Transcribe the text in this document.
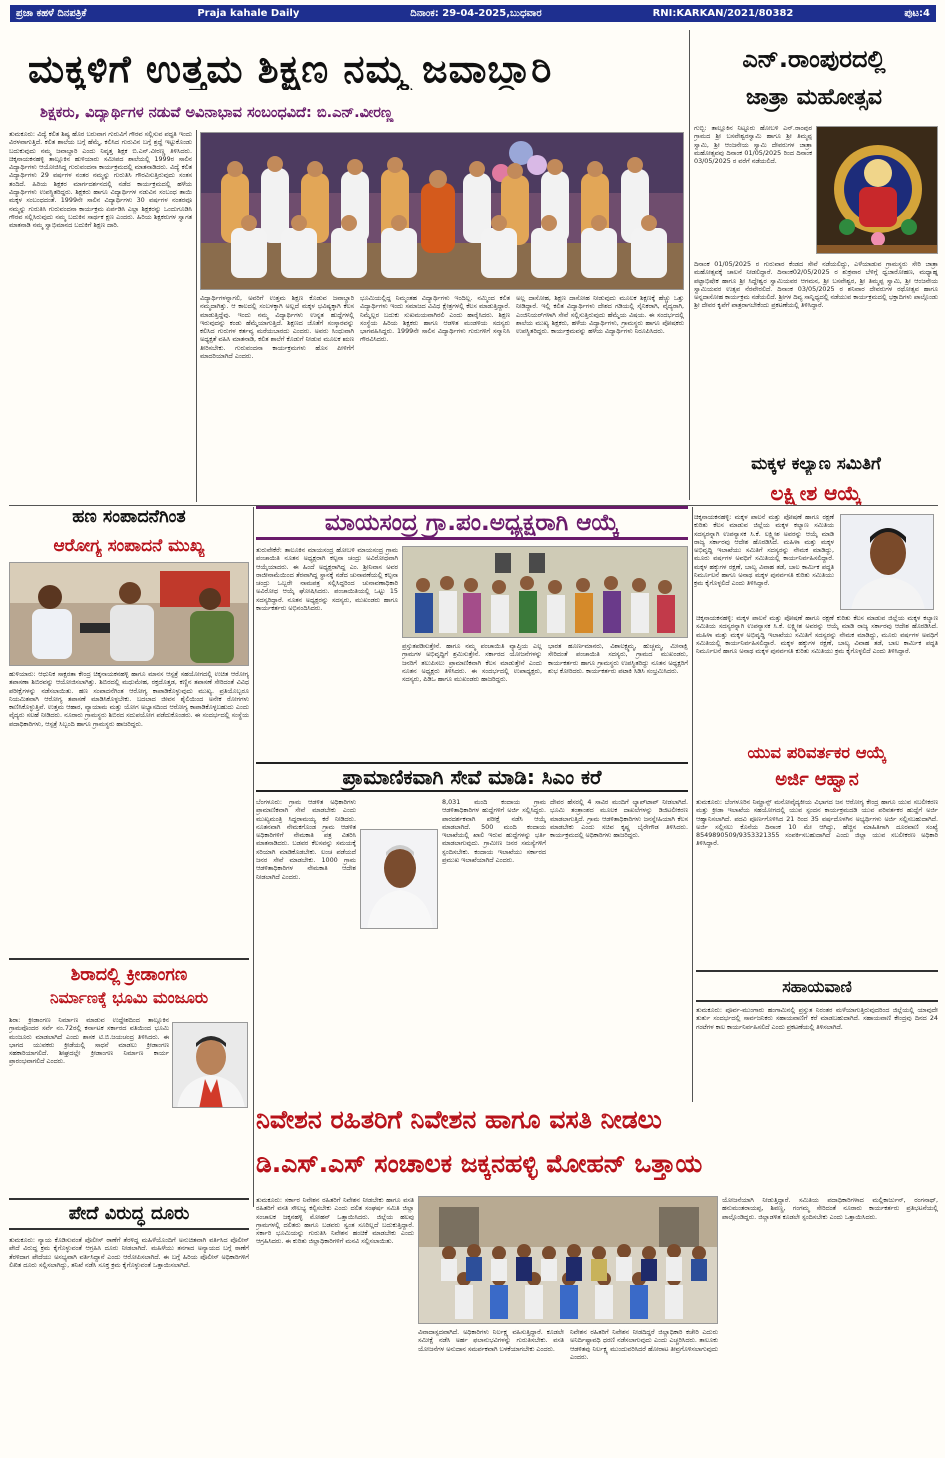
ಪ್ರಜಾ ಕಹಳೆ ದಿನಪತ್ರಿಕೆ	Praja kahale Daily	ದಿನಾಂಕ: 29-04-2025,ಬುಧವಾರ	RNI:KARKAN/2021/80382	ಪುಟ:4
ಮಕ್ಕಳಿಗೆ ಉತ್ತಮ ಶಿಕ್ಷಣ ನಮ್ಮ ಜವಾಬ್ದಾರಿ
ಶಿಕ್ಷಕರು, ವಿದ್ಯಾರ್ಥಿಗಳ ನಡುವೆ ಅವಿನಾಭಾವ ಸಂಬಂಧವಿದೆ: ಬಿ.ಎನ್.ವೀರಣ್ಣ
ತುಮಕೂರು: ವಿದ್ಯೆ ಕಲಿತ ಶಿಷ್ಯ ಹೊರ ಬರುವಾಗ ಗುರುವಿಗೆ ಗೌರವ ಸಲ್ಲಿಸುವ ಪದ್ಧತಿ ಇಂದು ವಿರಳವಾಗುತ್ತಿದೆ. ಕಲಿತ ಶಾಲೆಯ ಬಗ್ಗೆ ಹೆಮ್ಮೆ, ಕಲಿಸಿದ ಗುರುವಿನ ಬಗ್ಗೆ ಶ್ರದ್ಧೆ ಇಟ್ಟುಕೊಂಡು ಬದುಕುವುದು ನಮ್ಮ ಜವಾಬ್ದಾರಿ ಎಂದು ನಿವೃತ್ತ ಶಿಕ್ಷಕ ಬಿ.ಎನ್.ವೀರಣ್ಣ ತಿಳಿಸಿದರು. ಚಿಕ್ಕನಾಯಕನಹಳ್ಳಿ ತಾಲ್ಲೂಕಿನ ಹುಳಿಯಾರು ಸಮೀಪದ ಶಾಲೆಯಲ್ಲಿ 1999ರ ಸಾಲಿನ ವಿದ್ಯಾರ್ಥಿಗಳು ಆಯೋಜಿಸಿದ್ದ ಗುರುವಂದನಾ ಕಾರ್ಯಕ್ರಮದಲ್ಲಿ ಮಾತನಾಡಿದರು. ವಿದ್ಯೆ ಕಲಿತ ವಿದ್ಯಾರ್ಥಿಗಳು 29 ವರ್ಷಗಳ ನಂತರ ನಮ್ಮನ್ನು ಗುರುತಿಸಿ ಗೌರವಿಸುತ್ತಿರುವುದು ಸಂತಸ ತಂದಿದೆ. ಹಿರಿಯ ಶಿಕ್ಷಕರ ಮಾರ್ಗದರ್ಶನದಲ್ಲಿ ನಡೆದ ಕಾರ್ಯಕ್ರಮದಲ್ಲಿ ಹಳೆಯ ವಿದ್ಯಾರ್ಥಿಗಳು ಉಪಸ್ಥಿತರಿದ್ದರು. ಶಿಕ್ಷಕರು ಹಾಗೂ ವಿದ್ಯಾರ್ಥಿಗಳ ನಡುವಿನ ಸಂಬಂಧ ತಾಯಿ ಮಕ್ಕಳ ಸಂಬಂಧದಂತೆ. 1999ನೇ ಸಾಲಿನ ವಿದ್ಯಾರ್ಥಿಗಳು 30 ವರ್ಷಗಳ ನಂತರವೂ ನಮ್ಮನ್ನು ಗುರುತಿಸಿ ಗುರುವಂದನಾ ಕಾರ್ಯಕ್ರಮ ಏರ್ಪಡಿಸಿ ಎಲ್ಲಾ ಶಿಕ್ಷಕರನ್ನು ಒಂದುಗೂಡಿಸಿ ಗೌರವ ಸಲ್ಲಿಸಿರುವುದು ನಮ್ಮ ಬದುಕಿನ ಸಾರ್ಥಕ ಕ್ಷಣ ಎಂದರು. ಹಿರಿಯ ಶಿಕ್ಷಕರುಗಳ ಸ್ವಾಗತ ಮಾತನಾಡಿ ನಮ್ಮ ಸ್ವಾಭಿಮಾನದ ಬದುಕಿಗೆ ಶಿಕ್ಷಣ ದಾರಿ.
ವಿದ್ಯಾರ್ಥಿಗಳನ್ನಾಗಲಿ, ಅವರಿಗೆ ಉತ್ತಮ ಶಿಕ್ಷಣ ಕೊಡುವ ಜವಾಬ್ದಾರಿ ನಮ್ಮದಾಗಿತ್ತು. ಆ ಕಾಲದಲ್ಲಿ ಸಂಬಳಕ್ಕಾಗಿ ಅಲ್ಲದೆ ಮಕ್ಕಳ ಭವಿಷ್ಯಕ್ಕಾಗಿ ಕೆಲಸ ಮಾಡುತ್ತಿದ್ದೆವು. ಇಂದು ನಮ್ಮ ವಿದ್ಯಾರ್ಥಿಗಳು ಉನ್ನತ ಹುದ್ದೆಗಳಲ್ಲಿ ಇರುವುದನ್ನು ಕಂಡು ಹೆಮ್ಮೆಯಾಗುತ್ತಿದೆ. ಶಿಕ್ಷಣದ ಜೊತೆಗೆ ಸಂಸ್ಕಾರವನ್ನು ಕಲಿಸಿದ ಗುರುಗಳ ಕರ್ತವ್ಯ ಮರೆಯಬಾರದು ಎಂದರು. ಅವರು ಸಿಂಧುವಾಗಿ ಅಧ್ಯಕ್ಷತೆ ವಹಿಸಿ ಮಾತನಾಡಿ, ಕಲಿತ ಶಾಲೆಗೆ ಕೊಡುಗೆ ನೀಡುವ ಮೂಲಕ ಋಣ ತೀರಿಸಬೇಕು. ಗುರುವಂದನಾ ಕಾರ್ಯಕ್ರಮಗಳು ಹೊಸ ಪೀಳಿಗೆಗೆ ಮಾದರಿಯಾಗಿದೆ ಎಂದರು.
ಭೂಮಿಯಲ್ಲಿದ್ದ ನಿಮ್ಮಂತಹ ವಿದ್ಯಾರ್ಥಿಗಳು ಇಂದಿಲ್ಲ. ನಮ್ಮಿಂದ ಕಲಿತ ವಿದ್ಯಾರ್ಥಿಗಳು ಇಂದು ಸಮಾಜದ ವಿವಿಧ ಕ್ಷೇತ್ರಗಳಲ್ಲಿ ಕೆಲಸ ಮಾಡುತ್ತಿದ್ದಾರೆ. ನಿಮ್ಮೆಲ್ಲರ ಬದುಕು ಸುಖಮಯವಾಗಿರಲಿ ಎಂದು ಹಾರೈಸಿದರು. ಶಿಕ್ಷಣ ಸಂಸ್ಥೆಯ ಹಿರಿಯ ಶಿಕ್ಷಕರು ಹಾಗೂ ಆಡಳಿತ ಮಂಡಳಿಯ ಸದಸ್ಯರು ಭಾಗವಹಿಸಿದ್ದರು. 1999ನೇ ಸಾಲಿನ ವಿದ್ಯಾರ್ಥಿಗಳು ಗುರುಗಳಿಗೆ ಸನ್ಮಾನಿಸಿ ಗೌರವಿಸಿದರು.
ಅಲ್ಲ ದಾಸೋಹ, ಶಿಕ್ಷಣ ದಾಸೋಹ ನೀಡುವುದು ಮೂಲಕ ಶಿಕ್ಷಣಕ್ಕೆ ಹೆಚ್ಚು ಒತ್ತು ನೀಡಿದ್ದಾರೆ. ಇಲ್ಲಿ ಕಲಿತ ವಿದ್ಯಾರ್ಥಿಗಳು ದೇಶದ ಗಡಿಯಲ್ಲಿ ಸೈನಿಕರಾಗಿ, ವೈದ್ಯರಾಗಿ, ಎಂಜಿನಿಯರ್‌ಗಳಾಗಿ ಸೇವೆ ಸಲ್ಲಿಸುತ್ತಿರುವುದು ಹೆಮ್ಮೆಯ ವಿಷಯ. ಈ ಸಂದರ್ಭದಲ್ಲಿ ಶಾಲೆಯ ಮುಖ್ಯ ಶಿಕ್ಷಕರು, ಹಳೆಯ ವಿದ್ಯಾರ್ಥಿಗಳು, ಗ್ರಾಮಸ್ಥರು ಹಾಗೂ ಪೋಷಕರು ಉಪಸ್ಥಿತರಿದ್ದರು. ಕಾರ್ಯಕ್ರಮವನ್ನು ಹಳೆಯ ವಿದ್ಯಾರ್ಥಿಗಳು ನಿರೂಪಿಸಿದರು.
ಎನ್.ರಾಂಪುರದಲ್ಲಿ
ಜಾತ್ರಾ ಮಹೋತ್ಸವ
ಗುಬ್ಬಿ: ತಾಲ್ಲೂಕಿನ ನಿಟ್ಟೂರು ಹೋಬಳಿ ಎನ್.ರಾಂಪುರ ಗ್ರಾಮದ ಶ್ರೀ ಬಸವೇಶ್ವರಸ್ವಾಮಿ ಹಾಗೂ ಶ್ರೀ ತಿಮ್ಮಪ್ಪ ಸ್ವಾಮಿ, ಶ್ರೀ ಆಂಜನೇಯ ಸ್ವಾಮಿ ದೇವರುಗಳ ಜಾತ್ರಾ ಮಹೋತ್ಸವವು ದಿನಾಂಕ 01/05/2025 ರಿಂದ ದಿನಾಂಕ 03/05/2025 ರ ವರೆಗೆ ನಡೆಯಲಿದೆ.
ದಿನಾಂಕ 01/05/2025 ರ ಗುರುವಾರ ಕೆಂಡದ ಸೇವೆ ನಡೆಯಲಿದ್ದು, ಎಳೆಯಾಡುವ ಗ್ರಾಮಸ್ಥರು ಸೇರಿ ಜಾತ್ರಾ ಮಹೋತ್ಸವಕ್ಕೆ ಚಾಲನೆ ನೀಡಲಿದ್ದಾರೆ. ದಿನಾಂಕ02/05/2025 ರ ಶುಕ್ರವಾರ ಬೆಳಿಗ್ಗೆ ಧ್ವಜಾರೋಹಣ, ಮಧ್ಯಾಹ್ನ ಪಟ್ಟಾಭಿಷೇಕ ಹಾಗೂ ಶ್ರೀ ಸಿದ್ದೇಶ್ವರ ಸ್ವಾಮಿಯವರ ಆಗಮನ, ಶ್ರೀ ಬಸವೇಶ್ವರ, ಶ್ರೀ ತಿಮ್ಮಪ್ಪ ಸ್ವಾಮಿ, ಶ್ರೀ ಆಂಜನೇಯ ಸ್ವಾಮಿಯವರ ಉತ್ಸವ ನೆರವೇರಲಿದೆ. ದಿನಾಂಕ 03/05/2025 ರ ಶನಿವಾರ ದೇವರುಗಳ ರಥೋತ್ಸವ ಹಾಗೂ ಅನ್ನದಾಸೋಹ ಕಾರ್ಯಕ್ರಮ ನಡೆಯಲಿದೆ. ಶ್ರೀಗಳ ದಿವ್ಯ ಸಾನ್ನಿಧ್ಯದಲ್ಲಿ ನಡೆಯುವ ಕಾರ್ಯಕ್ರಮದಲ್ಲಿ ಭಕ್ತಾದಿಗಳು ಪಾಲ್ಗೊಂಡು ಶ್ರೀ ದೇವರ ಕೃಪೆಗೆ ಪಾತ್ರರಾಗಬೇಕೆಂದು ಪ್ರಕಟಣೆಯಲ್ಲಿ ತಿಳಿಸಿದ್ದಾರೆ.
ಮಕ್ಕಳ ಕಲ್ಯಾಣ ಸಮಿತಿಗೆ
ಲಕ್ಷ್ಮೀಶ ಆಯ್ಕೆ
ಚಿಕ್ಕನಾಯಕನಹಳ್ಳಿ: ಮಕ್ಕಳ ಪಾಲನೆ ಮತ್ತು ಪೋಷಣೆ ಹಾಗೂ ರಕ್ಷಣೆ ಕುರಿತು ಕೆಲಸ ಮಾಡುವ ಜಿಲ್ಲೆಯ ಮಕ್ಕಳ ಕಲ್ಯಾಣ ಸಮಿತಿಯ ಸದಸ್ಯರನ್ನಾಗಿ ಉಪನ್ಯಾಸಕ ಸಿ.ಕೆ. ಲಕ್ಷ್ಮೀಶ ಅವರನ್ನು ಆಯ್ಕೆ ಮಾಡಿ ರಾಜ್ಯ ಸರ್ಕಾರವು ಆದೇಶ ಹೊರಡಿಸಿದೆ. ಮಹಿಳಾ ಮತ್ತು ಮಕ್ಕಳ ಅಭಿವೃದ್ಧಿ ಇಲಾಖೆಯು ಸಮಿತಿಗೆ ಸದಸ್ಯರನ್ನು ನೇಮಕ ಮಾಡಿದ್ದು, ಮೂರು ವರ್ಷಗಳ ಅವಧಿಗೆ ಸಮಿತಿಯಲ್ಲಿ ಕಾರ್ಯನಿರ್ವಹಿಸಲಿದ್ದಾರೆ. ಮಕ್ಕಳ ಹಕ್ಕುಗಳ ರಕ್ಷಣೆ, ಬಾಲ್ಯ ವಿವಾಹ ತಡೆ, ಬಾಲ ಕಾರ್ಮಿಕ ಪದ್ಧತಿ ನಿರ್ಮೂಲನೆ ಹಾಗೂ ಅನಾಥ ಮಕ್ಕಳ ಪುನರ್ವಸತಿ ಕುರಿತು ಸಮಿತಿಯು ಕ್ರಮ ಕೈಗೊಳ್ಳಲಿದೆ ಎಂದು ತಿಳಿಸಿದ್ದಾರೆ.
ಹಣ ಸಂಪಾದನೆಗಿಂತ
ಆರೋಗ್ಯ ಸಂಪಾದನೆ ಮುಖ್ಯ
ಹುಳಿಯಾರು: ಆಧುನಿಕ ಸಾಕ್ಷರತಾ ಕೇಂದ್ರ ಚಿಕ್ಕನಾಯಕನಹಳ್ಳಿ ಹಾಗೂ ಮಾನಸ ಆಸ್ಪತ್ರೆ ಸಹಯೋಗದಲ್ಲಿ ಉಚಿತ ಆರೋಗ್ಯ ತಪಾಸಣಾ ಶಿಬಿರವನ್ನು ಆಯೋಜಿಸಲಾಗಿತ್ತು. ಶಿಬಿರದಲ್ಲಿ ಮಧುಮೇಹ, ರಕ್ತದೊತ್ತಡ, ಕಣ್ಣಿನ ತಪಾಸಣೆ ಸೇರಿದಂತೆ ವಿವಿಧ ಪರೀಕ್ಷೆಗಳನ್ನು ನಡೆಸಲಾಯಿತು. ಹಣ ಸಂಪಾದನೆಗಿಂತ ಆರೋಗ್ಯ ಕಾಪಾಡಿಕೊಳ್ಳುವುದು ಮುಖ್ಯ. ಪ್ರತಿಯೊಬ್ಬರೂ ನಿಯಮಿತವಾಗಿ ಆರೋಗ್ಯ ತಪಾಸಣೆ ಮಾಡಿಸಿಕೊಳ್ಳಬೇಕು. ಬದಲಾದ ಜೀವನ ಶೈಲಿಯಿಂದ ಅನೇಕ ರೋಗಗಳು ಕಾಣಿಸಿಕೊಳ್ಳುತ್ತಿವೆ. ಉತ್ತಮ ಆಹಾರ, ವ್ಯಾಯಾಮ ಮತ್ತು ಯೋಗ ಅಭ್ಯಾಸದಿಂದ ಆರೋಗ್ಯ ಕಾಪಾಡಿಕೊಳ್ಳಬಹುದು ಎಂದು ವೈದ್ಯರು ಸಲಹೆ ನೀಡಿದರು. ನೂರಾರು ಗ್ರಾಮಸ್ಥರು ಶಿಬಿರದ ಸದುಪಯೋಗ ಪಡೆದುಕೊಂಡರು. ಈ ಸಂದರ್ಭದಲ್ಲಿ ಸಂಸ್ಥೆಯ ಪದಾಧಿಕಾರಿಗಳು, ಆಸ್ಪತ್ರೆ ಸಿಬ್ಬಂದಿ ಹಾಗೂ ಗ್ರಾಮಸ್ಥರು ಹಾಜರಿದ್ದರು.
ಮಾಯಸಂದ್ರ ಗ್ರಾ.ಪಂ.ಅಧ್ಯಕ್ಷರಾಗಿ ಆಯ್ಕೆ
ತುರುವೇಕೆರೆ: ತಾಲೂಕಿನ ಮಾಯಸಂದ್ರ ಹೋಬಳಿ ಮಾಯಸಂದ್ರ ಗ್ರಾಮ ಪಂಚಾಯಿತಿ ನೂತನ ಅಧ್ಯಕ್ಷರಾಗಿ ಕಲ್ಪನಾ ಚಂದ್ರು ಅವಿರೋಧವಾಗಿ ಆಯ್ಕೆಯಾದರು. ಈ ಹಿಂದೆ ಅಧ್ಯಕ್ಷರಾಗಿದ್ದ ಎಂ. ಶ್ರೀನಿವಾಸ ಅವರ ರಾಜೀನಾಮೆಯಿಂದ ತೆರವಾಗಿದ್ದ ಸ್ಥಾನಕ್ಕೆ ನಡೆದ ಚುನಾವಣೆಯಲ್ಲಿ ಕಲ್ಪನಾ ಚಂದ್ರು ಒಬ್ಬರೇ ನಾಮಪತ್ರ ಸಲ್ಲಿಸಿದ್ದರಿಂದ ಚುನಾವಣಾಧಿಕಾರಿ ಅವಿರೋಧ ಆಯ್ಕೆ ಘೋಷಿಸಿದರು. ಪಂಚಾಯಿತಿಯಲ್ಲಿ ಒಟ್ಟು 15 ಸದಸ್ಯರಿದ್ದಾರೆ. ನೂತನ ಅಧ್ಯಕ್ಷರನ್ನು ಸದಸ್ಯರು, ಮುಖಂಡರು ಹಾಗೂ ಕಾರ್ಯಕರ್ತರು ಅಭಿನಂದಿಸಿದರು.
ಪ್ರಸ್ತುತಪಡಿಸುತ್ತೇನೆ. ಹಾಗೂ ನಮ್ಮ ಪಂಚಾಯಿತಿ ವ್ಯಾಪ್ತಿಯ ಎಲ್ಲ ಗ್ರಾಮಗಳ ಅಭಿವೃದ್ಧಿಗೆ ಶ್ರಮಿಸುತ್ತೇನೆ. ಸರ್ಕಾರದ ಯೋಜನೆಗಳನ್ನು ಜನರಿಗೆ ತಲುಪಿಸಲು ಪ್ರಾಮಾಣಿಕವಾಗಿ ಕೆಲಸ ಮಾಡುತ್ತೇನೆ ಎಂದು ನೂತನ ಅಧ್ಯಕ್ಷರು ತಿಳಿಸಿದರು. ಈ ಸಂದರ್ಭದಲ್ಲಿ ಉಪಾಧ್ಯಕ್ಷರು, ಸದಸ್ಯರು, ಪಿಡಿಒ ಹಾಗೂ ಮುಖಂಡರು ಹಾಜರಿದ್ದರು.
ಭಾರತ ಹೂರ್ಣಮಾನರು, ವಿಶಾಲಕ್ಷ್ಮಮ್ಮ, ಹುಚ್ಚಮ್ಮ, ಮೀನಾಕ್ಷಿ ಸೇರಿದಂತೆ ಪಂಚಾಯಿತಿ ಸದಸ್ಯರು, ಗ್ರಾಮದ ಮುಖಂಡರು, ಕಾರ್ಯಕರ್ತರು ಹಾಗೂ ಗ್ರಾಮಸ್ಥರು ಉಪಸ್ಥಿತರಿದ್ದು ನೂತನ ಅಧ್ಯಕ್ಷರಿಗೆ ಶುಭ ಕೋರಿದರು. ಕಾರ್ಯಕರ್ತರು ಪಟಾಕಿ ಸಿಡಿಸಿ ಸಂಭ್ರಮಿಸಿದರು.
ಪ್ರಾಮಾಣಿಕವಾಗಿ ಸೇವೆ ಮಾಡಿ: ಸಿಎಂ ಕರೆ
ಬೆಂಗಳೂರು: ಗ್ರಾಮ ಆಡಳಿತ ಅಧಿಕಾರಿಗಳು ಪ್ರಾಮಾಣಿಕವಾಗಿ ಸೇವೆ ಮಾಡಬೇಕು ಎಂದು ಮುಖ್ಯಮಂತ್ರಿ ಸಿದ್ದರಾಮಯ್ಯ ಕರೆ ನೀಡಿದರು. ನೂತನವಾಗಿ ನೇಮಕಗೊಂಡ ಗ್ರಾಮ ಆಡಳಿತ ಅಧಿಕಾರಿಗಳಿಗೆ ನೇಮಕಾತಿ ಪತ್ರ ವಿತರಿಸಿ ಮಾತನಾಡಿದರು. ಬಡವರ ಕೆಲಸವನ್ನು ಸಮಯಕ್ಕೆ ಸರಿಯಾಗಿ ಮಾಡಿಕೊಡಬೇಕು. ಲಂಚ ಪಡೆಯದೆ ಜನರ ಸೇವೆ ಮಾಡಬೇಕು. 1000 ಗ್ರಾಮ ಆಡಳಿತಾಧಿಕಾರಿಗಳ ನೇಮಕಾತಿ ಆದೇಶ ನೀಡಲಾಗಿದೆ ಎಂದರು.
8,031 ಮಂದಿ ಕಂದಾಯ ಗ್ರಾಮ ಆಡಳಿತಾಧಿಕಾರಿಗಳ ಹುದ್ದೆಗಳಿಗೆ ಅರ್ಜಿ ಸಲ್ಲಿಸಿದ್ದರು. ಪಾರದರ್ಶಕವಾಗಿ ಪರೀಕ್ಷೆ ನಡೆಸಿ ಆಯ್ಕೆ ಮಾಡಲಾಗಿದೆ. 500 ಮಂದಿ ಕಂದಾಯ ಇಲಾಖೆಯಲ್ಲಿ ಖಾಲಿ ಇರುವ ಹುದ್ದೆಗಳನ್ನು ಭರ್ತಿ ಮಾಡಲಾಗುವುದು. ಗ್ರಾಮೀಣ ಜನರ ಸಮಸ್ಯೆಗಳಿಗೆ ಸ್ಪಂದಿಸಬೇಕು. ಕಂದಾಯ ಇಲಾಖೆಯು ಸರ್ಕಾರದ ಪ್ರಮುಖ ಇಲಾಖೆಯಾಗಿದೆ ಎಂದರು.
ದೇವರ ಹೆಸರಲ್ಲಿ 4 ಸಾವಿರ ಮಂದಿಗೆ ಲ್ಯಾಪ್‌ಟಾಪ್ ನೀಡಲಾಗಿದೆ. ಭೂಮಿ ತಂತ್ರಾಂಶದ ಮೂಲಕ ದಾಖಲೆಗಳನ್ನು ಡಿಜಿಟಲೀಕರಣ ಮಾಡಲಾಗುತ್ತಿದೆ. ಗ್ರಾಮ ಆಡಳಿತಾಧಿಕಾರಿಗಳು ಜನಸ್ನೇಹಿಯಾಗಿ ಕೆಲಸ ಮಾಡಬೇಕು ಎಂದು ಸಚಿವ ಕೃಷ್ಣ ಬೈರೇಗೌಡ ತಿಳಿಸಿದರು. ಕಾರ್ಯಕ್ರಮದಲ್ಲಿ ಅಧಿಕಾರಿಗಳು ಹಾಜರಿದ್ದರು.
ಚಿಕ್ಕನಾಯಕನಹಳ್ಳಿ: ಮಕ್ಕಳ ಪಾಲನೆ ಮತ್ತು ಪೋಷಣೆ ಹಾಗೂ ರಕ್ಷಣೆ ಕುರಿತು ಕೆಲಸ ಮಾಡುವ ಜಿಲ್ಲೆಯ ಮಕ್ಕಳ ಕಲ್ಯಾಣ ಸಮಿತಿಯ ಸದಸ್ಯರನ್ನಾಗಿ ಉಪನ್ಯಾಸಕ ಸಿ.ಕೆ. ಲಕ್ಷ್ಮೀಶ ಅವರನ್ನು ಆಯ್ಕೆ ಮಾಡಿ ರಾಜ್ಯ ಸರ್ಕಾರವು ಆದೇಶ ಹೊರಡಿಸಿದೆ. ಮಹಿಳಾ ಮತ್ತು ಮಕ್ಕಳ ಅಭಿವೃದ್ಧಿ ಇಲಾಖೆಯು ಸಮಿತಿಗೆ ಸದಸ್ಯರನ್ನು ನೇಮಕ ಮಾಡಿದ್ದು, ಮೂರು ವರ್ಷಗಳ ಅವಧಿಗೆ ಸಮಿತಿಯಲ್ಲಿ ಕಾರ್ಯನಿರ್ವಹಿಸಲಿದ್ದಾರೆ. ಮಕ್ಕಳ ಹಕ್ಕುಗಳ ರಕ್ಷಣೆ, ಬಾಲ್ಯ ವಿವಾಹ ತಡೆ, ಬಾಲ ಕಾರ್ಮಿಕ ಪದ್ಧತಿ ನಿರ್ಮೂಲನೆ ಹಾಗೂ ಅನಾಥ ಮಕ್ಕಳ ಪುನರ್ವಸತಿ ಕುರಿತು ಸಮಿತಿಯು ಕ್ರಮ ಕೈಗೊಳ್ಳಲಿದೆ ಎಂದು ತಿಳಿಸಿದ್ದಾರೆ.
ಯುವ ಪರಿವರ್ತಕರ ಆಯ್ಕೆ
ಅರ್ಜಿ ಆಹ್ವಾನ
ತುಮಕೂರು: ಬೆಂಗಳೂರಿನ ನಿಮ್ಹಾನ್ಸ್ ಮನೋವೈದ್ಯಕೀಯ ವಿಭಾಗದ ಜನ ಆರೋಗ್ಯ ಕೇಂದ್ರ ಹಾಗೂ ಯುವ ಸಬಲೀಕರಣ ಮತ್ತು ಕ್ರೀಡಾ ಇಲಾಖೆಯ ಸಹಯೋಗದಲ್ಲಿ ಯುವ ಸ್ಪಂದನ ಕಾರ್ಯಕ್ರಮದಡಿ ಯುವ ಪರಿವರ್ತಕರ ಹುದ್ದೆಗೆ ಅರ್ಜಿ ಆಹ್ವಾನಿಸಲಾಗಿದೆ. ಪದವಿ ಪೂರ್ಣಗೊಳಿಸಿದ 21 ರಿಂದ 35 ವರ್ಷದೊಳಗಿನ ಅಭ್ಯರ್ಥಿಗಳು ಅರ್ಜಿ ಸಲ್ಲಿಸಬಹುದಾಗಿದೆ. ಅರ್ಜಿ ಸಲ್ಲಿಸಲು ಕೊನೆಯ ದಿನಾಂಕ 10 ಮೇ ಆಗಿದ್ದು, ಹೆಚ್ಚಿನ ಮಾಹಿತಿಗಾಗಿ ದೂರವಾಣಿ ಸಂಖ್ಯೆ 8549890509/9353321355 ಸಂಪರ್ಕಿಸಬಹುದಾಗಿದೆ ಎಂದು ಜಿಲ್ಲಾ ಯುವ ಸಬಲೀಕರಣ ಅಧಿಕಾರಿ ತಿಳಿಸಿದ್ದಾರೆ.
ಸಹಾಯವಾಣಿ
ತುಮಕೂರು: ಪೂರ್ವ-ಮುಂಗಾರು ಹಂಗಾಮಿನಲ್ಲಿ ಪ್ರಸ್ತುತ ನಿರಂತರ ಮಳೆಯಾಗುತ್ತಿರುವುದರಿಂದ ಜಿಲ್ಲೆಯಲ್ಲಿ ಯಾವುದೇ ತುರ್ತು ಸಂದರ್ಭದಲ್ಲಿ ಸಾರ್ವಜನಿಕರು ಸಹಾಯವಾಣಿಗೆ ಕರೆ ಮಾಡಬಹುದಾಗಿದೆ. ಸಹಾಯವಾಣಿ ಕೇಂದ್ರವು ದಿನದ 24 ಗಂಟೆಗಳ ಕಾಲ ಕಾರ್ಯನಿರ್ವಹಿಸಲಿದೆ ಎಂದು ಪ್ರಕಟಣೆಯಲ್ಲಿ ತಿಳಿಸಲಾಗಿದೆ.
ಶಿರಾದಲ್ಲಿ ಕ್ರೀಡಾಂಗಣ
ನಿರ್ಮಾಣಕ್ಕೆ ಭೂಮಿ ಮಂಜೂರು
ಶಿರಾ: ಕ್ರೀಡಾಂಗಣ ನಿರ್ಮಾಣ ಮಾಡುವ ಉದ್ದೇಶದಿಂದ ತಾಲ್ಲೂಕಿನ ಗ್ರಾಮವೊಂದರ ಸರ್ವೆ ನಂ.72ರಲ್ಲಿ ಕರ್ನಾಟಕ ಸರ್ಕಾರದ ವತಿಯಿಂದ ಭೂಮಿ ಮಂಜೂರು ಮಾಡಲಾಗಿದೆ ಎಂದು ಶಾಸಕ ಟಿ.ಬಿ.ಜಯಚಂದ್ರ ತಿಳಿಸಿದರು. ಈ ಭಾಗದ ಯುವಕರು ಕ್ರೀಡೆಯಲ್ಲಿ ಸಾಧನೆ ಮಾಡಲು ಕ್ರೀಡಾಂಗಣ ಸಹಕಾರಿಯಾಗಲಿದೆ. ಶೀಘ್ರದಲ್ಲೇ ಕ್ರೀಡಾಂಗಣ ನಿರ್ಮಾಣ ಕಾರ್ಯ ಪ್ರಾರಂಭವಾಗಲಿದೆ ಎಂದರು.
ಪೇದೆ ವಿರುದ್ಧ ದೂರು
ತುಮಕೂರು: ನ್ಯಾಯ ಕೊಡಿಸುವಂತೆ ಪೊಲೀಸ್ ಠಾಣೆಗೆ ತೆರಳಿದ್ದ ಮಹಿಳೆಯೊಂದಿಗೆ ಅನುಚಿತವಾಗಿ ವರ್ತಿಸಿದ ಪೊಲೀಸ್ ಪೇದೆ ವಿರುದ್ಧ ಕ್ರಮ ಕೈಗೊಳ್ಳುವಂತೆ ಆಗ್ರಹಿಸಿ ದೂರು ನೀಡಲಾಗಿದೆ. ಮಹಿಳೆಯು ತನಗಾದ ಅನ್ಯಾಯದ ಬಗ್ಗೆ ಠಾಣೆಗೆ ತೆರಳಿದಾಗ ಪೇದೆಯು ಅಸಭ್ಯವಾಗಿ ವರ್ತಿಸಿದ್ದಾನೆ ಎಂದು ಆರೋಪಿಸಲಾಗಿದೆ. ಈ ಬಗ್ಗೆ ಹಿರಿಯ ಪೊಲೀಸ್ ಅಧಿಕಾರಿಗಳಿಗೆ ಲಿಖಿತ ದೂರು ಸಲ್ಲಿಸಲಾಗಿದ್ದು, ತನಿಖೆ ನಡೆಸಿ ಸೂಕ್ತ ಕ್ರಮ ಕೈಗೊಳ್ಳುವಂತೆ ಒತ್ತಾಯಿಸಲಾಗಿದೆ.
ನಿವೇಶನ ರಹಿತರಿಗೆ ನಿವೇಶನ ಹಾಗೂ ವಸತಿ ನೀಡಲು
ಡಿ.ಎಸ್.ಎಸ್ ಸಂಚಾಲಕ ಜಕ್ಕನಹಳ್ಳಿ ಮೋಹನ್ ಒತ್ತಾಯ
ತುಮಕೂರು: ಸರ್ಕಾರ ನಿವೇಶನ ರಹಿತರಿಗೆ ನಿವೇಶನ ನೀಡಬೇಕು ಹಾಗೂ ವಸತಿ ರಹಿತರಿಗೆ ವಸತಿ ಸೌಲಭ್ಯ ಕಲ್ಪಿಸಬೇಕು ಎಂದು ದಲಿತ ಸಂಘರ್ಷ ಸಮಿತಿ ಜಿಲ್ಲಾ ಸಂಚಾಲಕ ಜಕ್ಕನಹಳ್ಳಿ ಮೋಹನ್ ಒತ್ತಾಯಿಸಿದರು. ಜಿಲ್ಲೆಯ ಹಲವು ಗ್ರಾಮಗಳಲ್ಲಿ ದಲಿತರು ಹಾಗೂ ಬಡವರು ಸ್ವಂತ ಸೂರಿಲ್ಲದೆ ಬದುಕುತ್ತಿದ್ದಾರೆ. ಸರ್ಕಾರಿ ಭೂಮಿಯನ್ನು ಗುರುತಿಸಿ ನಿವೇಶನ ಹಂಚಿಕೆ ಮಾಡಬೇಕು ಎಂದು ಆಗ್ರಹಿಸಿದರು. ಈ ಕುರಿತು ಜಿಲ್ಲಾಧಿಕಾರಿಗಳಿಗೆ ಮನವಿ ಸಲ್ಲಿಸಲಾಯಿತು.
ವಿವಾದಾಸ್ಪದವಾಗಿದೆ. ಅಧಿಕಾರಿಗಳು ನಿರ್ಲಕ್ಷ್ಯ ವಹಿಸುತ್ತಿದ್ದಾರೆ. ಕೂಡಲೇ ಸಮೀಕ್ಷೆ ನಡೆಸಿ ಅರ್ಹ ಫಲಾನುಭವಿಗಳನ್ನು ಗುರುತಿಸಬೇಕು. ವಸತಿ ಯೋಜನೆಗಳ ಅನುದಾನ ಸಮರ್ಪಕವಾಗಿ ಬಳಕೆಯಾಗಬೇಕು ಎಂದರು.
ನಿವೇಶನ ರಹಿತರಿಗೆ ನಿವೇಶನ ನೀಡದಿದ್ದರೆ ಜಿಲ್ಲಾಧಿಕಾರಿ ಕಚೇರಿ ಎದುರು ಅನಿರ್ದಿಷ್ಟಾವಧಿ ಧರಣಿ ನಡೆಸಲಾಗುವುದು ಎಂದು ಎಚ್ಚರಿಸಿದರು. ತಾಲೂಕು ಆಡಳಿತವು ನಿರ್ಲಕ್ಷ್ಯ ಮುಂದುವರಿಸಿದರೆ ಹೋರಾಟ ತೀವ್ರಗೊಳಿಸಲಾಗುವುದು ಎಂದರು.
ಯೋಜನೆಯಾಗಿ ನೀಡುತ್ತಿದ್ದಾರೆ. ಸಮಿತಿಯ ಪದಾಧಿಕಾರಿಗಳಾದ ಮಲ್ಲಿಕಾರ್ಜುನ್, ರಂಗನಾಥ್, ಹನುಮಂತರಾಯಪ್ಪ, ಶಿವಣ್ಣ, ಗಂಗಮ್ಮ ಸೇರಿದಂತೆ ನೂರಾರು ಕಾರ್ಯಕರ್ತರು ಪ್ರತಿಭಟನೆಯಲ್ಲಿ ಪಾಲ್ಗೊಂಡಿದ್ದರು. ಜಿಲ್ಲಾಡಳಿತ ಕೂಡಲೇ ಸ್ಪಂದಿಸಬೇಕು ಎಂದು ಒತ್ತಾಯಿಸಿದರು.
